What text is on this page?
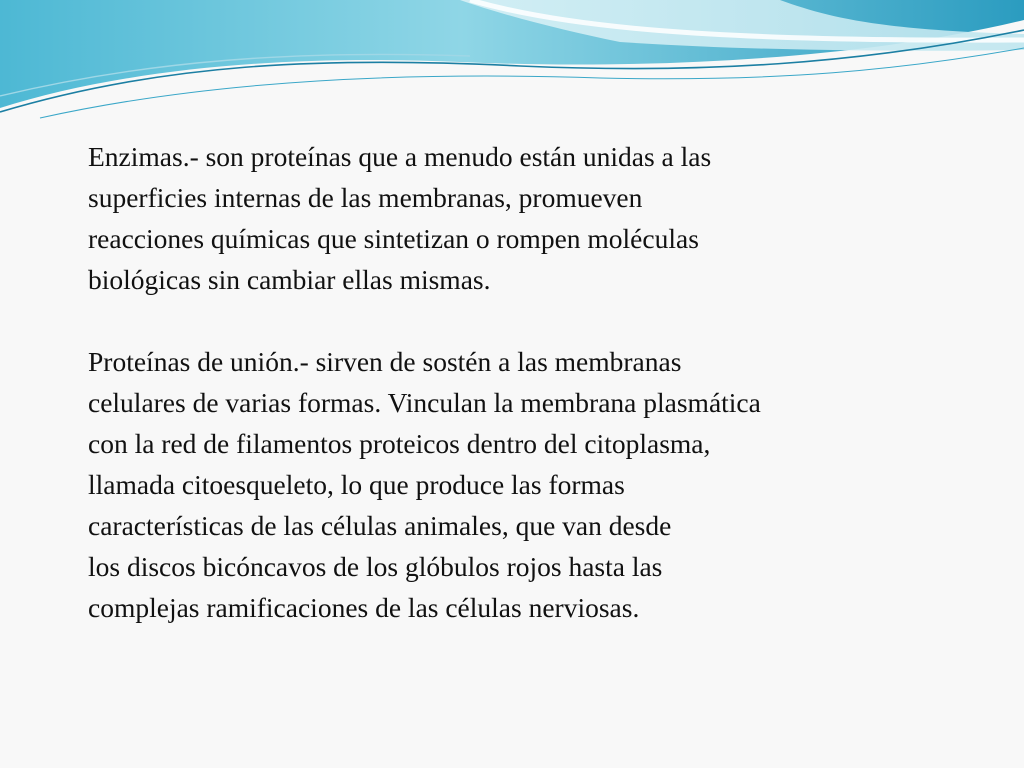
Enzimas.- son proteínas que a menudo están unidas a las
superficies internas de las membranas, promueven
reacciones químicas que sintetizan o rompen moléculas
biológicas sin cambiar ellas mismas.

Proteínas de unión.- sirven de sostén a las membranas
celulares de varias formas. Vinculan la membrana plasmática
con la red de filamentos proteicos dentro del citoplasma,
llamada citoesqueleto, lo que produce las formas
características de las células animales, que van desde
los discos bicóncavos de los glóbulos rojos hasta las
complejas ramificaciones de las células nerviosas.
